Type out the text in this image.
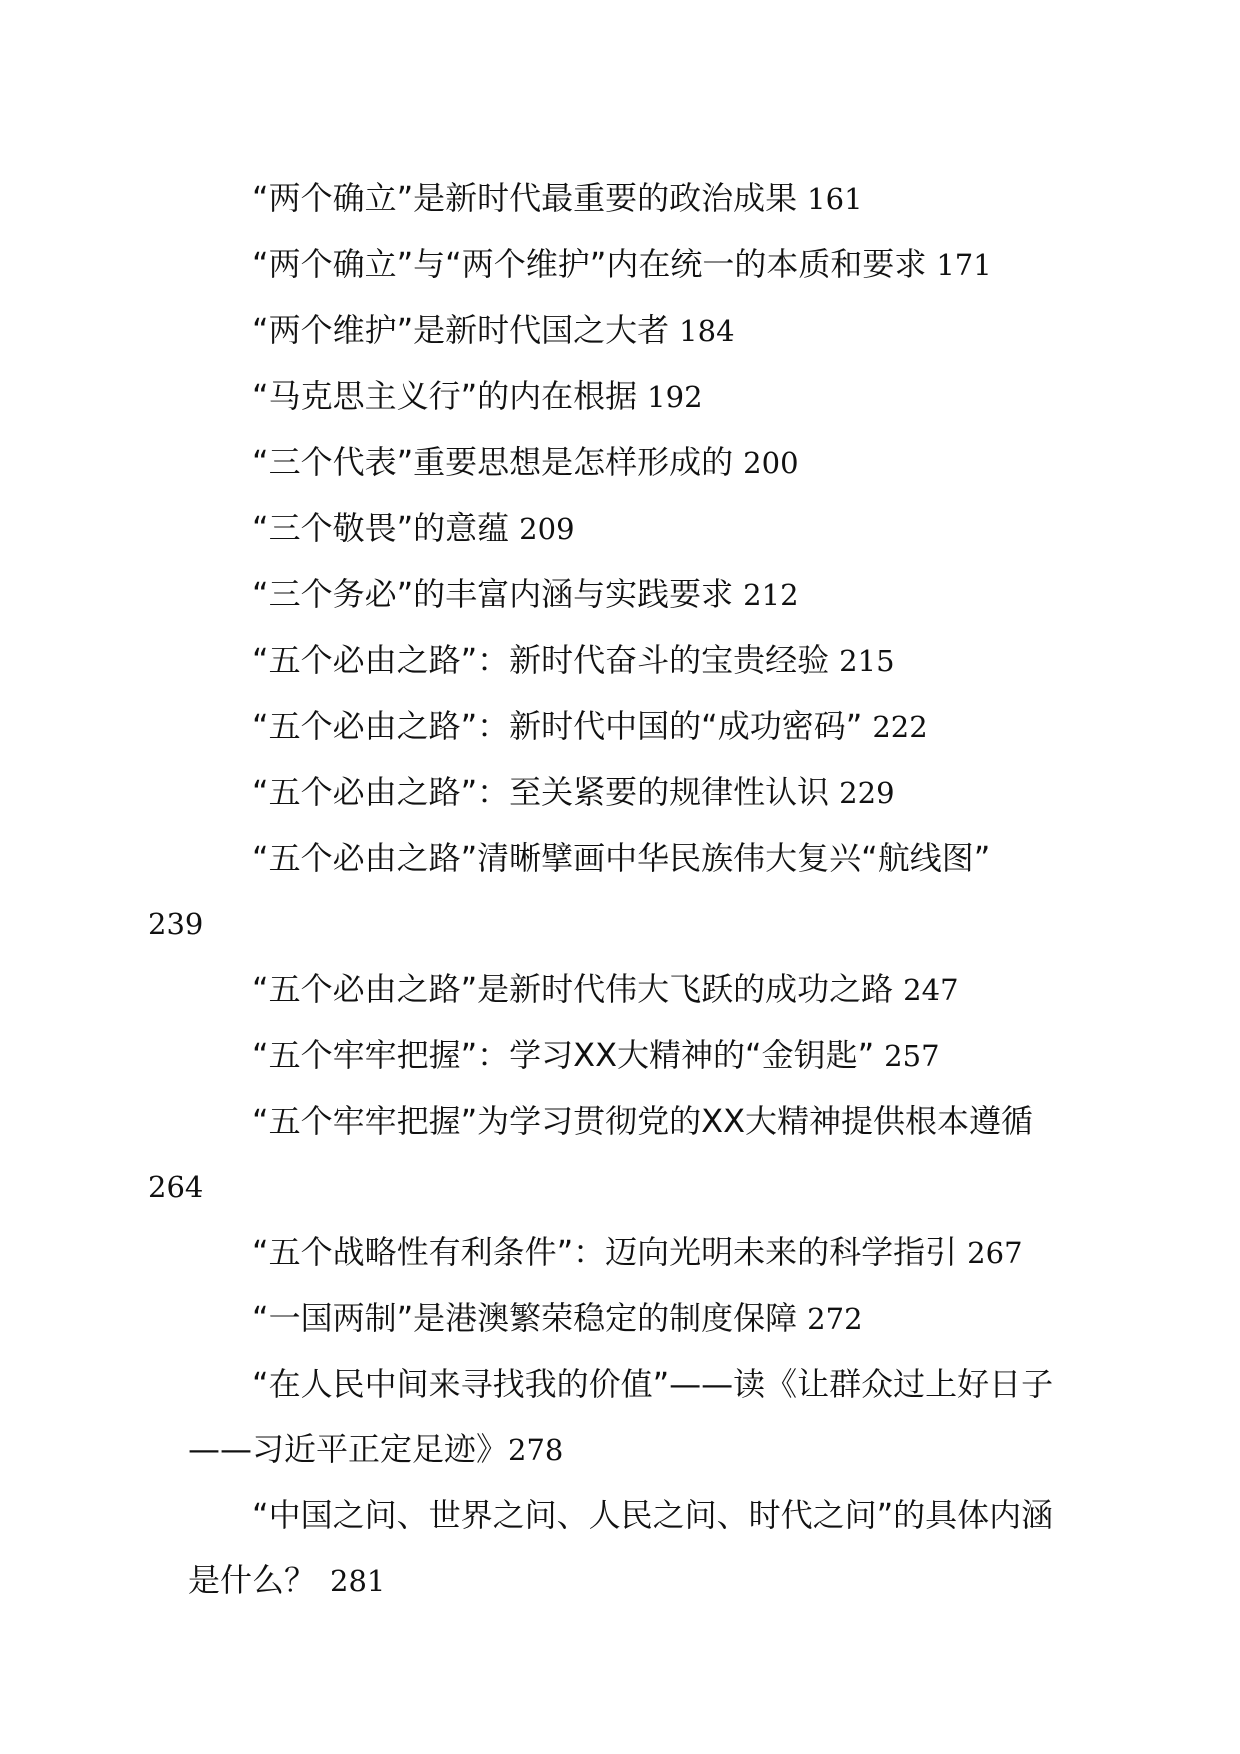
“两个确立”是新时代最重要的政治成果 161

“两个确立”与“两个维护”内在统一的本质和要求 171

“两个维护”是新时代国之大者 184

“马克思主义行”的内在根据 192

“三个代表”重要思想是怎样形成的 200

“三个敬畏”的意蕴 209

“三个务必”的丰富内涵与实践要求 212

“五个必由之路”：新时代奋斗的宝贵经验 215

“五个必由之路”：新时代中国的“成功密码” 222

“五个必由之路”：至关紧要的规律性认识 229

“五个必由之路”清晰擘画中华民族伟大复兴“航线图”
239

“五个必由之路”是新时代伟大飞跃的成功之路 247

“五个牢牢把握”：学习XX大精神的“金钥匙” 257

“五个牢牢把握”为学习贯彻党的XX大精神提供根本遵循
264

“五个战略性有利条件”：迈向光明未来的科学指引 267

“一国两制”是港澳繁荣稳定的制度保障 272

“在人民中间来寻找我的价值”——读《让群众过上好日子——习近平正定足迹》278

“中国之问、世界之问、人民之问、时代之问”的具体内涵是什么？ 281
